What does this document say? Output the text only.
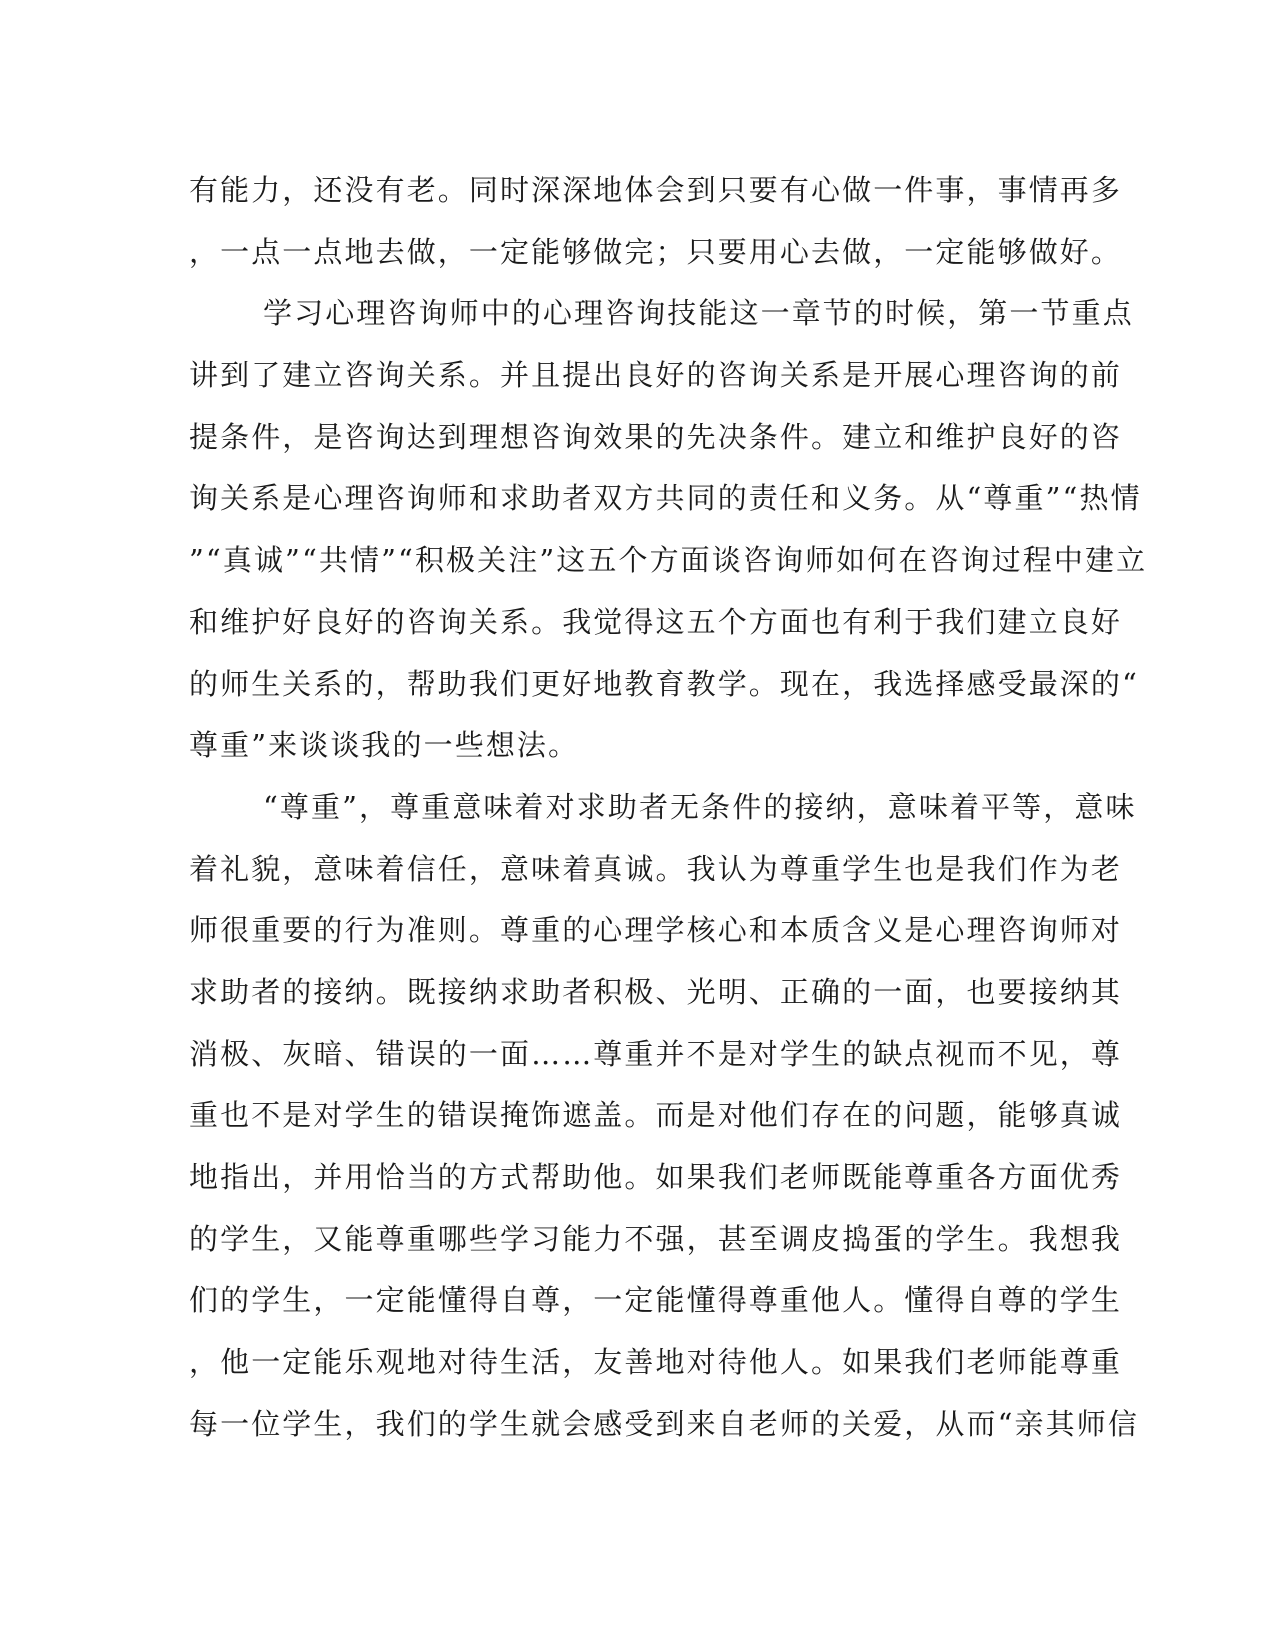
有能力，还没有老。同时深深地体会到只要有心做一件事，事情再多
，一点一点地去做，一定能够做完；只要用心去做，一定能够做好。
学习心理咨询师中的心理咨询技能这一章节的时候，第一节重点
讲到了建立咨询关系。并且提出良好的咨询关系是开展心理咨询的前
提条件，是咨询达到理想咨询效果的先决条件。建立和维护良好的咨
询关系是心理咨询师和求助者双方共同的责任和义务。从“尊重”“热情
”“真诚”“共情”“积极关注”这五个方面谈咨询师如何在咨询过程中建立
和维护好良好的咨询关系。我觉得这五个方面也有利于我们建立良好
的师生关系的，帮助我们更好地教育教学。现在，我选择感受最深的“
尊重”来谈谈我的一些想法。
“尊重”，尊重意味着对求助者无条件的接纳，意味着平等，意味
着礼貌，意味着信任，意味着真诚。我认为尊重学生也是我们作为老
师很重要的行为准则。尊重的心理学核心和本质含义是心理咨询师对
求助者的接纳。既接纳求助者积极、光明、正确的一面，也要接纳其
消极、灰暗、错误的一面……尊重并不是对学生的缺点视而不见，尊
重也不是对学生的错误掩饰遮盖。而是对他们存在的问题，能够真诚
地指出，并用恰当的方式帮助他。如果我们老师既能尊重各方面优秀
的学生，又能尊重哪些学习能力不强，甚至调皮捣蛋的学生。我想我
们的学生，一定能懂得自尊，一定能懂得尊重他人。懂得自尊的学生
，他一定能乐观地对待生活，友善地对待他人。如果我们老师能尊重
每一位学生，我们的学生就会感受到来自老师的关爱，从而“亲其师信
